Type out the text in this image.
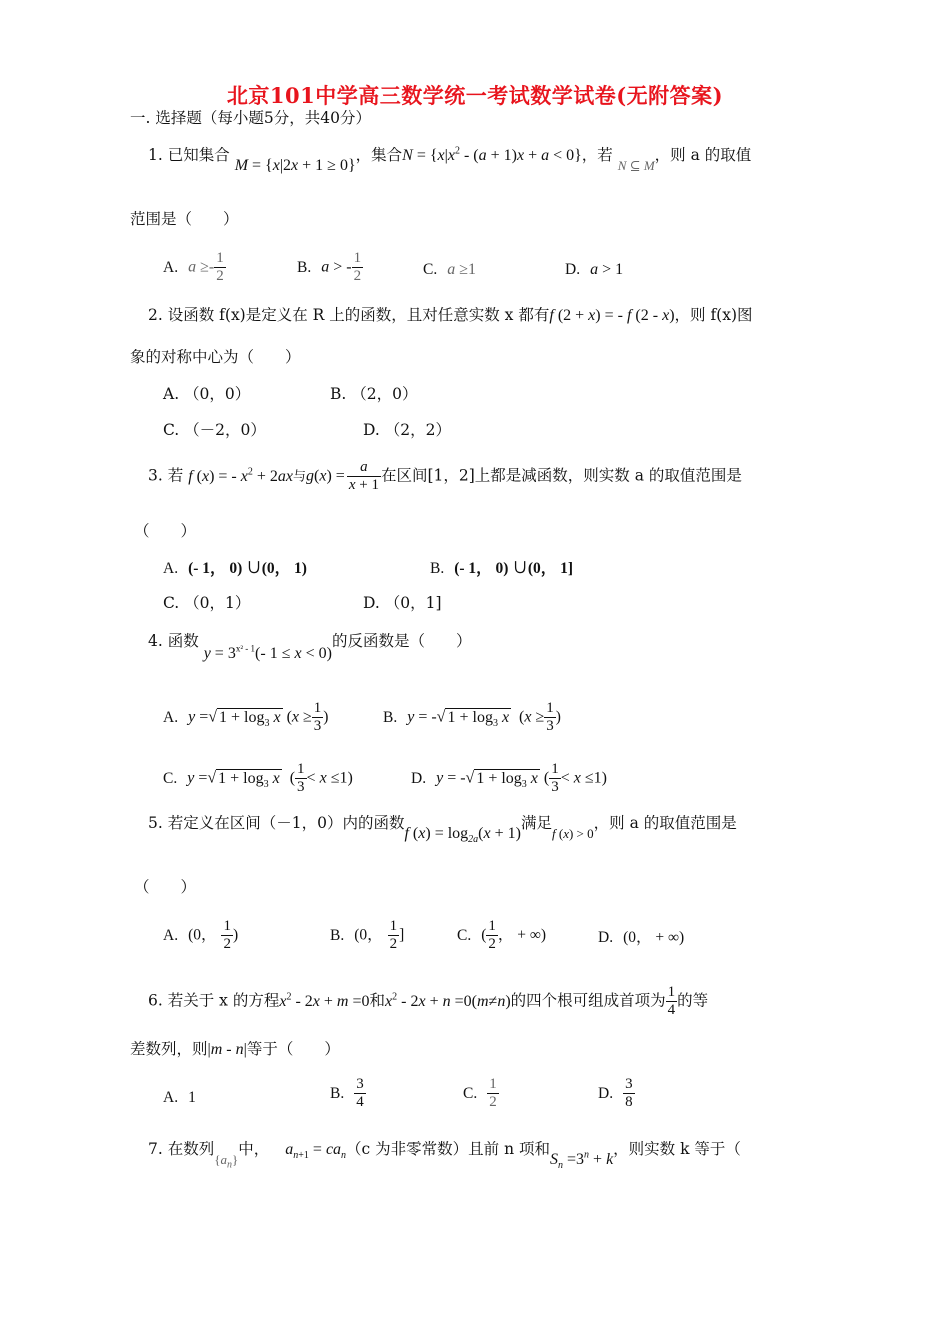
北京101中学高三数学统一考试数学试卷(无附答案)
一. 选择题（每小题5分，共40分）
1. 已知集合 M = {x|2x + 1 ≥ 0}，集合$N = \{x|x^2 - (a + 1)x + a < 0\}$，若 $_{N ⊆ M}$，则 a 的取值
范围是（　　）
A. $a \ge- \frac{1}{2}$	B. a > - $\frac{1}{2}$	C. a ≥1	D. a > 1
2. 设函数 f(x)是定义在 R 上的函数，且对任意实数 x 都有f (2 + x) = - f (2 - x)，则 f(x)图
象的对称中心为（　　）
A. （0，0）	B. （2，0）
C. （－2，0）	D. （2，2）
3. 若 f (x) = - $x^2 + 2ax$与$g(x) = \frac{a}{x + 1}$ 在区间[1，2]上都是减函数，则实数 a 的取值范围是
（　　）
A. (- 1， 0) ∪(0， 1)	B. (- 1， 0) ∪(0， 1]
C. （0，1）	D. （0，1]
4. 函数 $y = 3^{x^2 - 1}(-$ 1 ≤ x < 0)的反函数是（　　）
A. y =√ $1 + \log_3 x$ ($x \ge \frac{1}{3}$ )	B. y = -√ $1 + \log_3 x$  ($x \ge \frac{1}{3}$ )
C. y =√ $1 + \log_3 x$  ( $\frac{1}{3} < x \le 1$)	D. y = -√ $1 + \log_3 x$ ( $\frac{1}{3} < x \le 1$)
5. 若定义在区间（－1，0）内的函数f $(x) = \log_{2a}(x + 1)$满足$_{f (x) > 0}$，则 a 的取值范围是
（　　）
A. (0， $\frac{1}{2}$ )	B. (0， $\frac{1}{2}$ ]	C. ( $\frac{1}{2}$ ， + ∞)	D. (0， + ∞)
6. 若关于 x 的方程$x^2 - 2x + m =0$和$x^2 - 2x + n =0(m\ne n)$的四个根可组成首项为 $\frac{1}{4}$ 的等
差数列，则|m - n|等于（　　）
A. 1	B. $\frac{3}{4}$	C. $\frac{1}{2}$	D. $\frac{3}{8}$
7. 在数列$_{\{a_n\}}$中， $a_{n+1} = ca_n(c$ 为非零常数）且前 n 项和$S_n =3^n + k$，则实数 k 等于（
